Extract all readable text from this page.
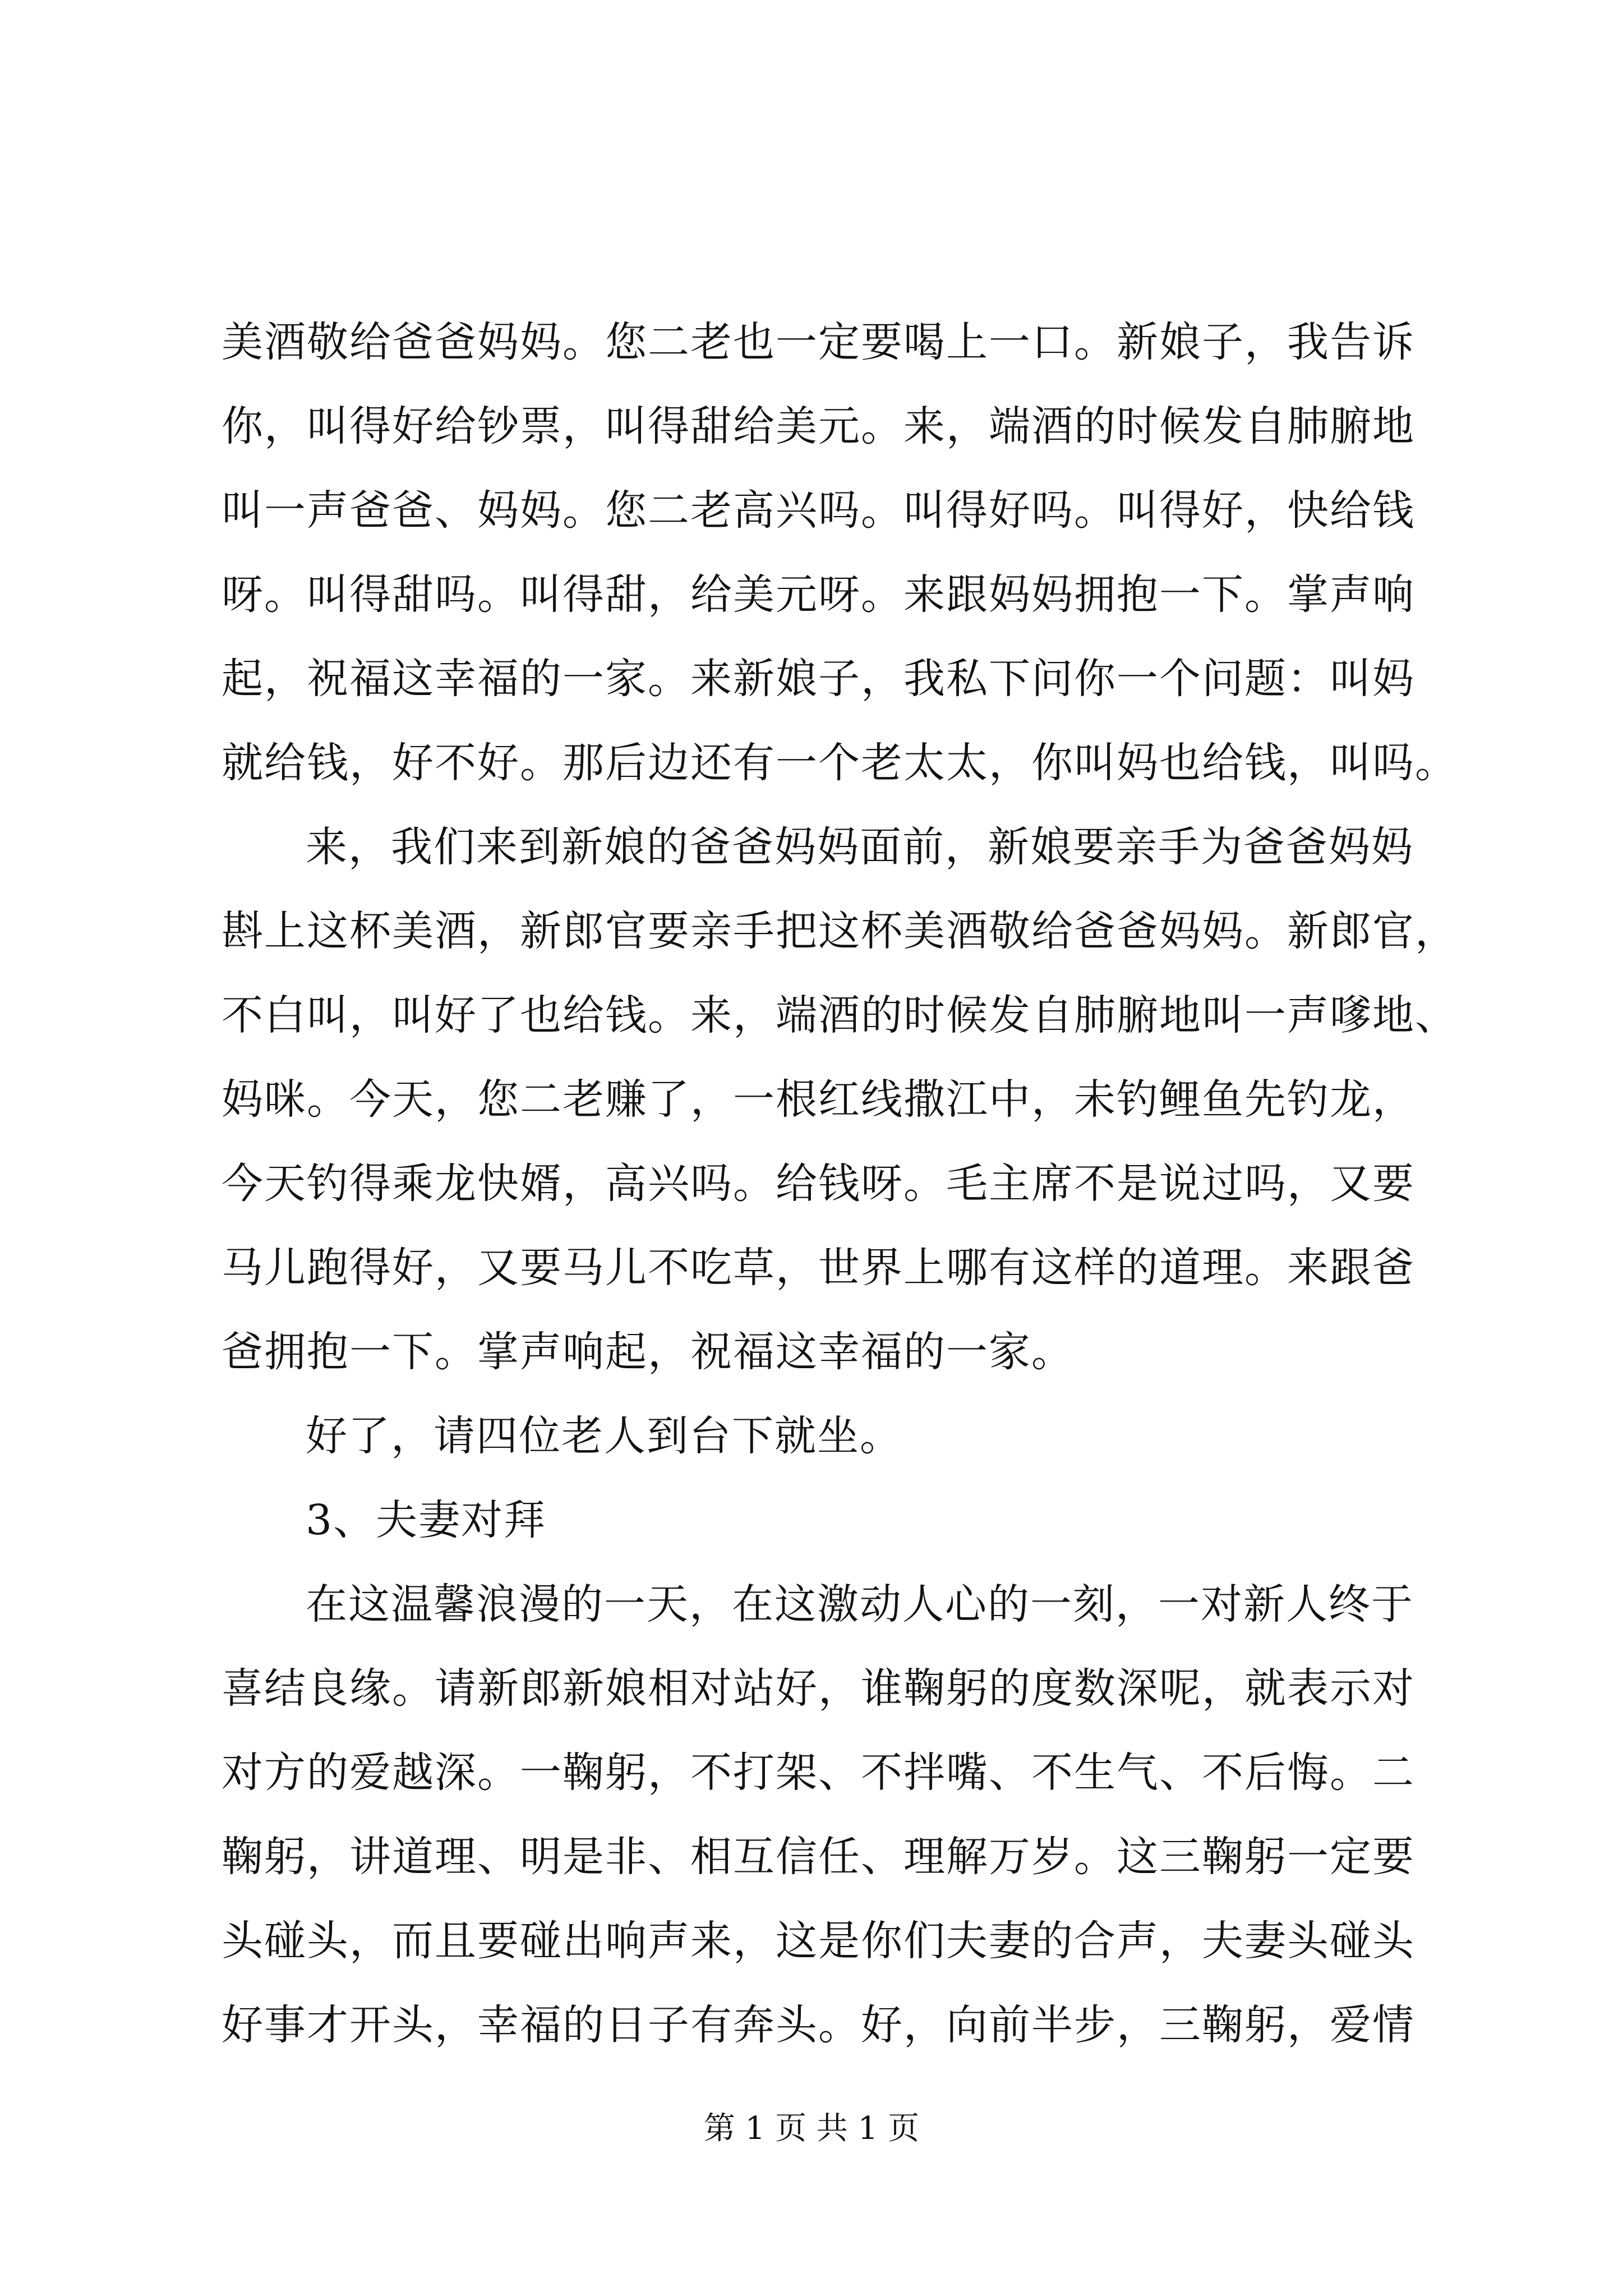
美酒敬给爸爸妈妈。您二老也一定要喝上一口。新娘子，我告诉
你，叫得好给钞票，叫得甜给美元。来，端酒的时候发自肺腑地
叫一声爸爸、妈妈。您二老高兴吗。叫得好吗。叫得好，快给钱
呀。叫得甜吗。叫得甜，给美元呀。来跟妈妈拥抱一下。掌声响
起，祝福这幸福的一家。来新娘子，我私下问你一个问题：叫妈
就给钱，好不好。那后边还有一个老太太，你叫妈也给钱，叫吗。
来，我们来到新娘的爸爸妈妈面前，新娘要亲手为爸爸妈妈
斟上这杯美酒，新郎官要亲手把这杯美酒敬给爸爸妈妈。新郎官，
不白叫，叫好了也给钱。来，端酒的时候发自肺腑地叫一声嗲地、
妈咪。今天，您二老赚了，一根红线撒江中，未钓鲤鱼先钓龙，
今天钓得乘龙快婿，高兴吗。给钱呀。毛主席不是说过吗，又要
马儿跑得好，又要马儿不吃草，世界上哪有这样的道理。来跟爸
爸拥抱一下。掌声响起，祝福这幸福的一家。
好了，请四位老人到台下就坐。
3、夫妻对拜
在这温馨浪漫的一天，在这激动人心的一刻，一对新人终于
喜结良缘。请新郎新娘相对站好，谁鞠躬的度数深呢，就表示对
对方的爱越深。一鞠躬，不打架、不拌嘴、不生气、不后悔。二
鞠躬，讲道理、明是非、相互信任、理解万岁。这三鞠躬一定要
头碰头，而且要碰出响声来，这是你们夫妻的合声，夫妻头碰头
好事才开头，幸福的日子有奔头。好，向前半步，三鞠躬，爱情
第 1 页 共 1 页
